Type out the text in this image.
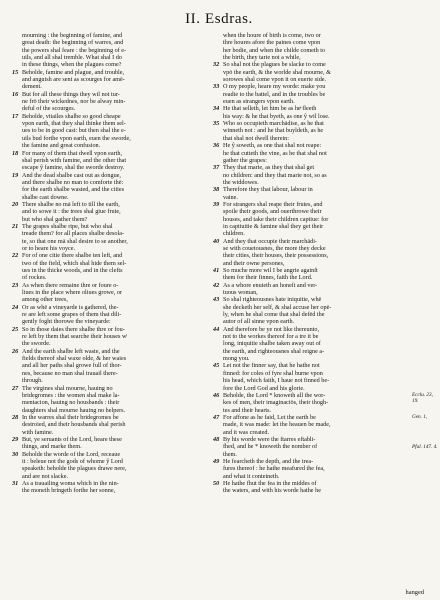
II. Esdras.
mourning : the beginning of famine, and
great death: the beginning of warres, and
the powers shal feare : the beginning of e-
uils, and all shal tremble. What shal I do
in these things, when the plagues come?
15 Beholde, famine and plague, and trouble,
and anguish are sent as scourges for amē-
dement.
16 But for all these things they wil not tur-
ne frō their wickednes, nor be alway min-
deful of the scourges.
17 Beholde, vitailes shalbe so good cheape
vpon earth, that they shal thinke them sel-
ues to be in good cast: but then shal the e-
uils bud forthe vpon earth, euen the sworde,
the famine and great confusion.
18 For many of them that dwell vpon earth,
shal perish with famine, and the other that
escape ŷ famine, shal the sworde destroy.
19 And the dead shalbe cast out as dongue,
and there shalbe no man to comforte thē:
for the earth shalbe wasted, and the cities
shalbe cast downe.
20 There shalbe no mā left to till the earth,
and to sowe it : the trees shal giue frute,
but who shal gather them?
21 The grapes shalbe ripe, but who shal
treade them? for all places shalbe desola-
te, so that one mā shal desire to se another,
or to heare his voyce.
22 For of one citie there shalbe ten left, and
two of the field, which shal hide them sel-
ues in the thicke woods, and in the clefts
of rockes.
23 As when there remaine thre or foure o-
liues in the place where oliues growe, or
among other trees,
24 Or as whē a vineyarde is gathered, the-
re are left some grapes of them that dili-
gently foght thorowe the vineyarde:
25 So in those daies there shalbe thre or fou-
re left by them that searche their houses wͭ
the sworde.
26 And the earth shalbe left waste, and the
fields thereof shal waxe olde, & her waies
and all her paths shal growe full of thor-
nes, because no man shal trauail there-
through.
27 The virgines shal mourne, hauing no
bridegromes : the women shal make la-
mentacion, hauing no housbands : their
daughters shal mourne hauing no helpers.
28 In the warres shal their bridegromes be
destroied, and their housbands shal perish
with famine.
29 But, ye seruants of the Lord, heare these
things, and marke them.
30 Beholde the worde of the Lord, receaue
it : beleue not the gods of whome ŷ Lord
speaketh: beholde the plagues drawe nere,
and are not slacke.
31 As a trauailing woma which in the nin-
the moneth bringeth forthe her sonne,
when the houre of birth is come, two or
thre houres afore the paines come vpon
her bodie, and when the childe cometh to
the birth, they tarie not a while,
32 So shal not the plagues be slacke to come
vpō the earth, & the worlde shal mourne, &
sorowes shal come vpon it on euerie side.
33 O my people, heare my worde: make you
readie to the battel, and in the troubles be
euen as strangers vpon earth.
34 He that selleth, let him be as heͤ fleeth
his way: & he that byeth, as one ŷ wil lose.
35 Who so occupieth marchādise, as he that
winneth not : and he that buyldeth, as he
that shal not dwell therein:
36 He ŷ soweth, as one that shal not reape:
he that cutteth the vine, as he that shal not
gather the grapes:
37 They that marie, as they that shal get
no children: and they that marie not, so as
the widdowes.
38 Therefore they that labour, labour in
vaine.
39 For strangers shal reape their frutes, and
spoile their goods, and ouerthrowe their
houses, and take their children captiue: for
in captiuitie & famine shal they get their
children.
40 And they that occupie their marchādi-
se with couetousnes, the more they decke
their cities, their houses, their possessions,
and their owne persones,
41 So muche more wil I be angrie againſt
them for their finnes, faith the Lord.
42 As a whore enuieth an honeſt and ver-
tuous woman,
43 So shal righteousnes hate iniquitie, whē
she decketh her self, & shal accuse her opē-
ly, when he shal come that shal defēd the
autor of all sinne vpon earth.
44 And therefore be ye not like thereunto,
not to the workes thereof for a tre it be
long, iniquitie shalbe taken away out of
the earth, and righteousnes shal reigne a-
mong you.
45 Let not the finner say, that he hathe not
finned: for coles of fyre shal burne vpon
his head, which faith, I haue not finned be-
fore the Lord God and his glorie.
46 Beholde, the Lord * knoweth all the wor-
kes of men, their imaginaciōs, their thogh-
tes and their hearts.
47 For affone as he faid, Let the earth be
made, it was made: let the heauen be made,
and it was created.
48 By his worde were the ftarres eftabli-
fhed, and he * knoweth the nomber of
them.
49 He fearcheth the depth, and the trea-
fures thereof : he hathe meafured the fea,
and what it conteineth.
50 He hathe fhut the fea in the middes of
the waters, and with his worde hathe he
Ecclu. 23, 19.
Gen. 1,
Pfal. 147. 4.
hanged
